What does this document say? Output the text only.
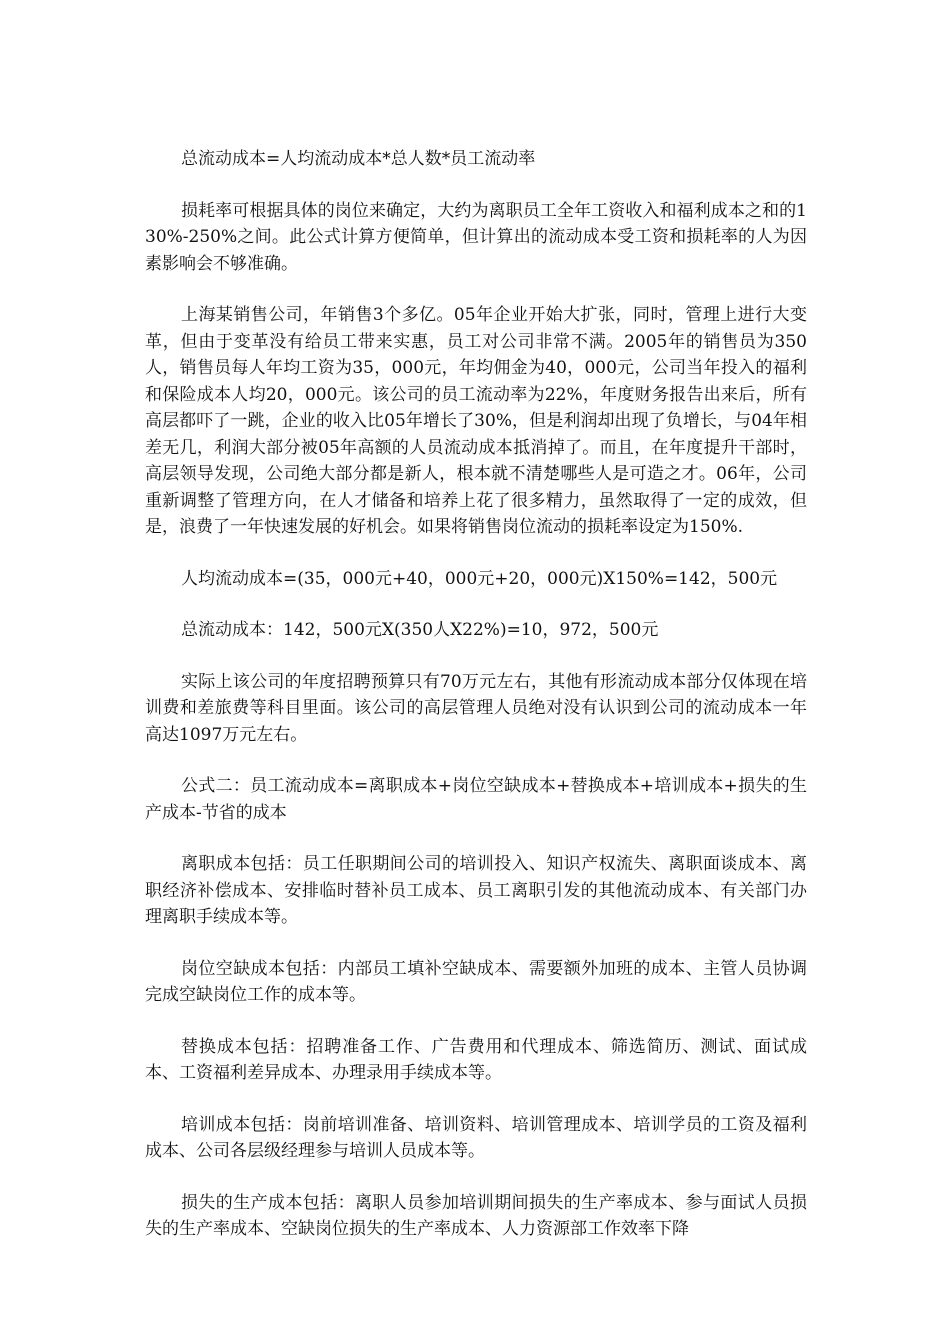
总流动成本=人均流动成本*总人数*员工流动率

损耗率可根据具体的岗位来确定，大约为离职员工全年工资收入和福利成本之和的130%-250%之间。此公式计算方便简单，但计算出的流动成本受工资和损耗率的人为因素影响会不够准确。

上海某销售公司，年销售3个多亿。05年企业开始大扩张，同时，管理上进行大变革，但由于变革没有给员工带来实惠，员工对公司非常不满。2005年的销售员为350人，销售员每人年均工资为35，000元，年均佣金为40，000元，公司当年投入的福利和保险成本人均20，000元。该公司的员工流动率为22%，年度财务报告出来后，所有高层都吓了一跳，企业的收入比05年增长了30%，但是利润却出现了负增长，与04年相差无几，利润大部分被05年高额的人员流动成本抵消掉了。而且，在年度提升干部时，高层领导发现，公司绝大部分都是新人，根本就不清楚哪些人是可造之才。06年，公司重新调整了管理方向，在人才储备和培养上花了很多精力，虽然取得了一定的成效，但是，浪费了一年快速发展的好机会。如果将销售岗位流动的损耗率设定为150%.

人均流动成本=(35，000元+40，000元+20，000元)X150%=142，500元

总流动成本：142，500元X(350人X22%)=10，972，500元

实际上该公司的年度招聘预算只有70万元左右，其他有形流动成本部分仅体现在培训费和差旅费等科目里面。该公司的高层管理人员绝对没有认识到公司的流动成本一年高达1097万元左右。

公式二：员工流动成本=离职成本+岗位空缺成本+替换成本+培训成本+损失的生产成本-节省的成本

离职成本包括：员工任职期间公司的培训投入、知识产权流失、离职面谈成本、离职经济补偿成本、安排临时替补员工成本、员工离职引发的其他流动成本、有关部门办理离职手续成本等。

岗位空缺成本包括：内部员工填补空缺成本、需要额外加班的成本、主管人员协调完成空缺岗位工作的成本等。

替换成本包括：招聘准备工作、广告费用和代理成本、筛选简历、测试、面试成本、工资福利差异成本、办理录用手续成本等。

培训成本包括：岗前培训准备、培训资料、培训管理成本、培训学员的工资及福利成本、公司各层级经理参与培训人员成本等。

损失的生产成本包括：离职人员参加培训期间损失的生产率成本、参与面试人员损失的生产率成本、空缺岗位损失的生产率成本、人力资源部工作效率下降
